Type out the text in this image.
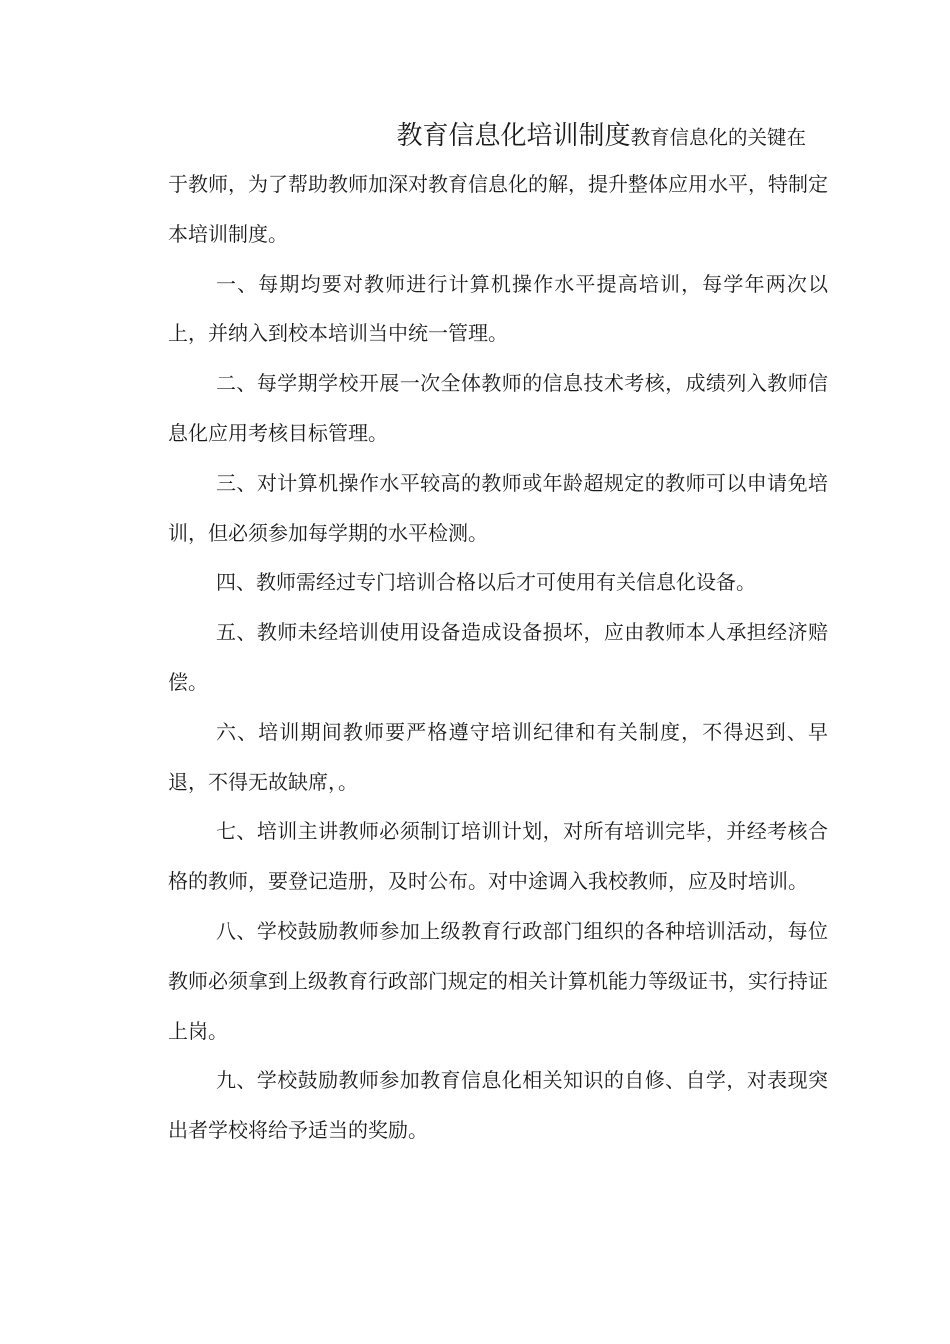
教育信息化培训制度教育信息化的关键在

于教师，为了帮助教师加深对教育信息化的解，提升整体应用水平，特制定本培训制度。

一、每期均要对教师进行计算机操作水平提高培训，每学年两次以上，并纳入到校本培训当中统一管理。

二、每学期学校开展一次全体教师的信息技术考核，成绩列入教师信息化应用考核目标管理。

三、对计算机操作水平较高的教师或年龄超规定的教师可以申请免培训，但必须参加每学期的水平检测。

四、教师需经过专门培训合格以后才可使用有关信息化设备。

五、教师未经培训使用设备造成设备损坏，应由教师本人承担经济赔偿。

六、培训期间教师要严格遵守培训纪律和有关制度，不得迟到、早退，不得无故缺席，。

七、培训主讲教师必须制订培训计划，对所有培训完毕，并经考核合格的教师，要登记造册，及时公布。对中途调入我校教师，应及时培训。

八、学校鼓励教师参加上级教育行政部门组织的各种培训活动，每位教师必须拿到上级教育行政部门规定的相关计算机能力等级证书，实行持证上岗。

九、学校鼓励教师参加教育信息化相关知识的自修、自学，对表现突出者学校将给予适当的奖励。
